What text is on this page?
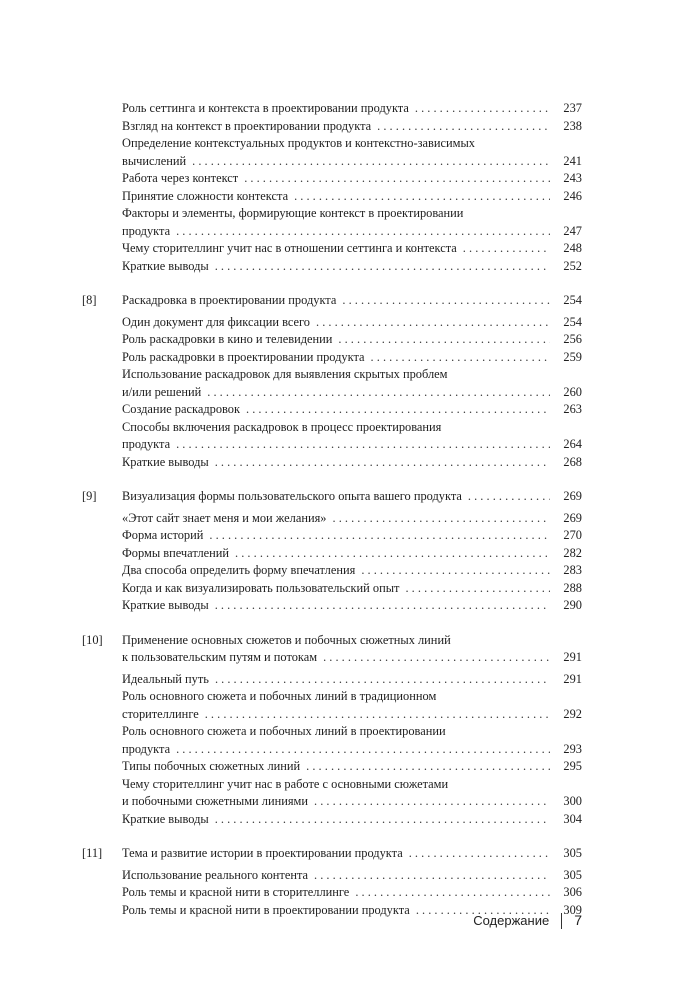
Роль сеттинга и контекста в проектировании продукта . . .	237
Взгляд на контекст в проектировании продукта . . .	238
Определение контекстуальных продуктов и контекстно-зависимых
вычислений . . .	241
Работа через контекст . . .	243
Принятие сложности контекста . . .	246
Факторы и элементы, формирующие контекст в проектировании
продукта . . .	247
Чему сторителлинг учит нас в отношении сеттинга и контекста . . .	248
Краткие выводы . . .	252
[8] Раскадровка в проектировании продукта . . .	254
Один документ для фиксации всего . . .	254
Роль раскадровки в кино и телевидении . . .	256
Роль раскадровки в проектировании продукта . . .	259
Использование раскадровок для выявления скрытых проблем
и/или решений . . .	260
Создание раскадровок . . .	263
Способы включения раскадровок в процесс проектирования
продукта . . .	264
Краткие выводы . . .	268
[9] Визуализация формы пользовательского опыта вашего продукта . . .	269
«Этот сайт знает меня и мои желания» . . .	269
Форма историй . . .	270
Формы впечатлений . . .	282
Два способа определить форму впечатления . . .	283
Когда и как визуализировать пользовательский опыт . . .	288
Краткие выводы . . .	290
[10] Применение основных сюжетов и побочных сюжетных линий
к пользовательским путям и потокам . . .	291
Идеальный путь . . .	291
Роль основного сюжета и побочных линий в традиционном
сторителлинге . . .	292
Роль основного сюжета и побочных линий в проектировании
продукта . . .	293
Типы побочных сюжетных линий . . .	295
Чему сторителлинг учит нас в работе с основными сюжетами
и побочными сюжетными линиями . . .	300
Краткие выводы . . .	304
[11] Тема и развитие истории в проектировании продукта . . .	305
Использование реального контента . . .	305
Роль темы и красной нити в сторителлинге . . .	306
Роль темы и красной нити в проектировании продукта . . .	309
Содержание 7
